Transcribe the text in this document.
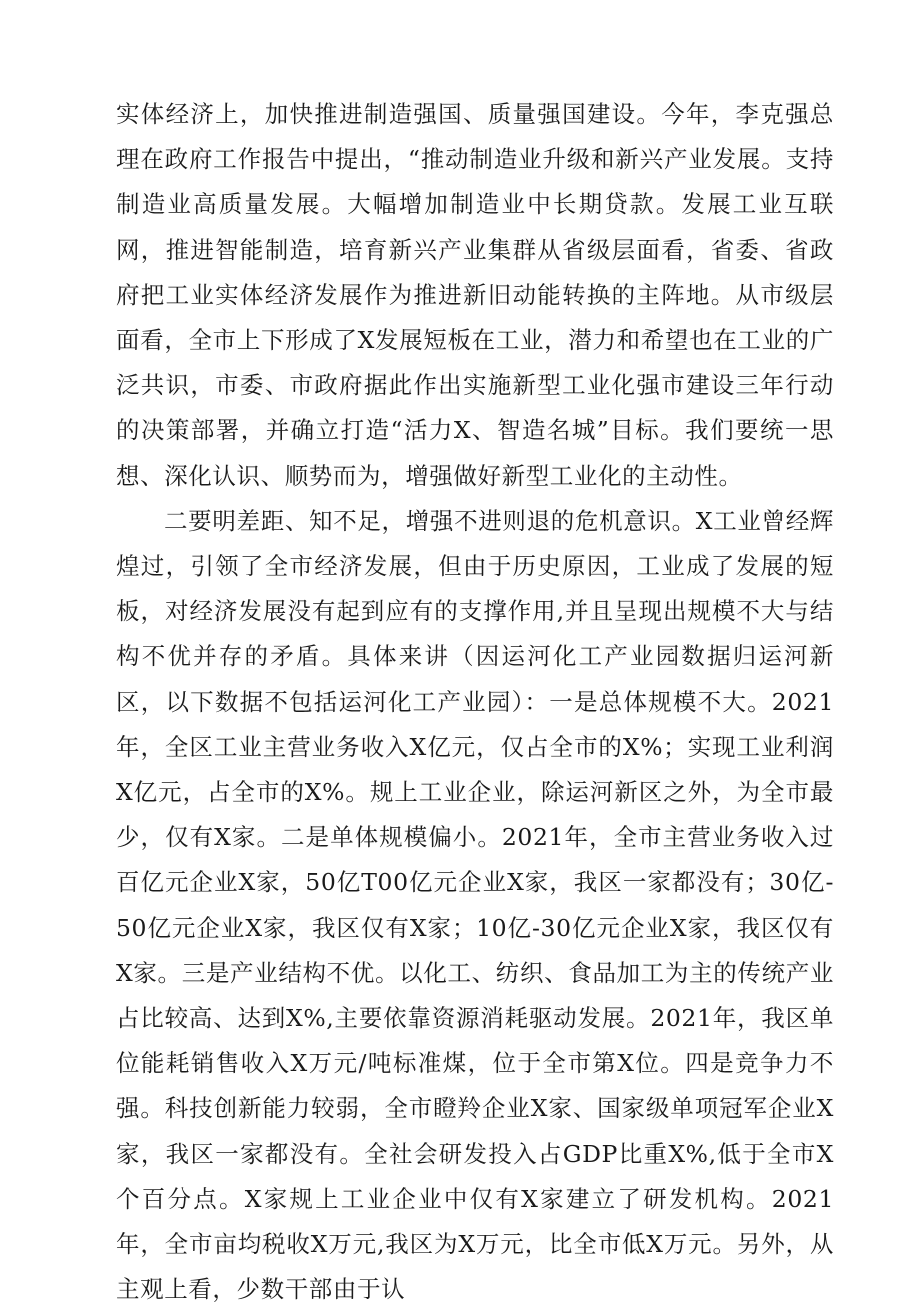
实体经济上，加快推进制造强国、质量强国建设。今年，李克强总理在政府工作报告中提出，“推动制造业升级和新兴产业发展。支持制造业高质量发展。大幅增加制造业中长期贷款。发展工业互联网，推进智能制造，培育新兴产业集群从省级层面看，省委、省政府把工业实体经济发展作为推进新旧动能转换的主阵地。从市级层面看，全市上下形成了X发展短板在工业，潜力和希望也在工业的广泛共识，市委、市政府据此作出实施新型工业化强市建设三年行动的决策部署，并确立打造“活力X、智造名城”目标。我们要统一思想、深化认识、顺势而为，增强做好新型工业化的主动性。

二要明差距、知不足，增强不进则退的危机意识。X工业曾经辉煌过，引领了全市经济发展，但由于历史原因，工业成了发展的短板，对经济发展没有起到应有的支撑作用,并且呈现出规模不大与结构不优并存的矛盾。具体来讲（因运河化工产业园数据归运河新区，以下数据不包括运河化工产业园）：一是总体规模不大。2021年，全区工业主营业务收入X亿元，仅占全市的X%；实现工业利润X亿元，占全市的X%。规上工业企业，除运河新区之外，为全市最少，仅有X家。二是单体规模偏小。2021年，全市主营业务收入过百亿元企业X家，50亿T00亿元企业X家，我区一家都没有；30亿-50亿元企业X家，我区仅有X家；10亿-30亿元企业X家，我区仅有X家。三是产业结构不优。以化工、纺织、食品加工为主的传统产业占比较高、达到X%,主要依靠资源消耗驱动发展。2021年，我区单位能耗销售收入X万元/吨标准煤，位于全市第X位。四是竞争力不强。科技创新能力较弱，全市瞪羚企业X家、国家级单项冠军企业X家，我区一家都没有。全社会研发投入占GDP比重X%,低于全市X个百分点。X家规上工业企业中仅有X家建立了研发机构。2021年，全市亩均税收X万元,我区为X万元，比全市低X万元。另外，从主观上看，少数干部由于认
